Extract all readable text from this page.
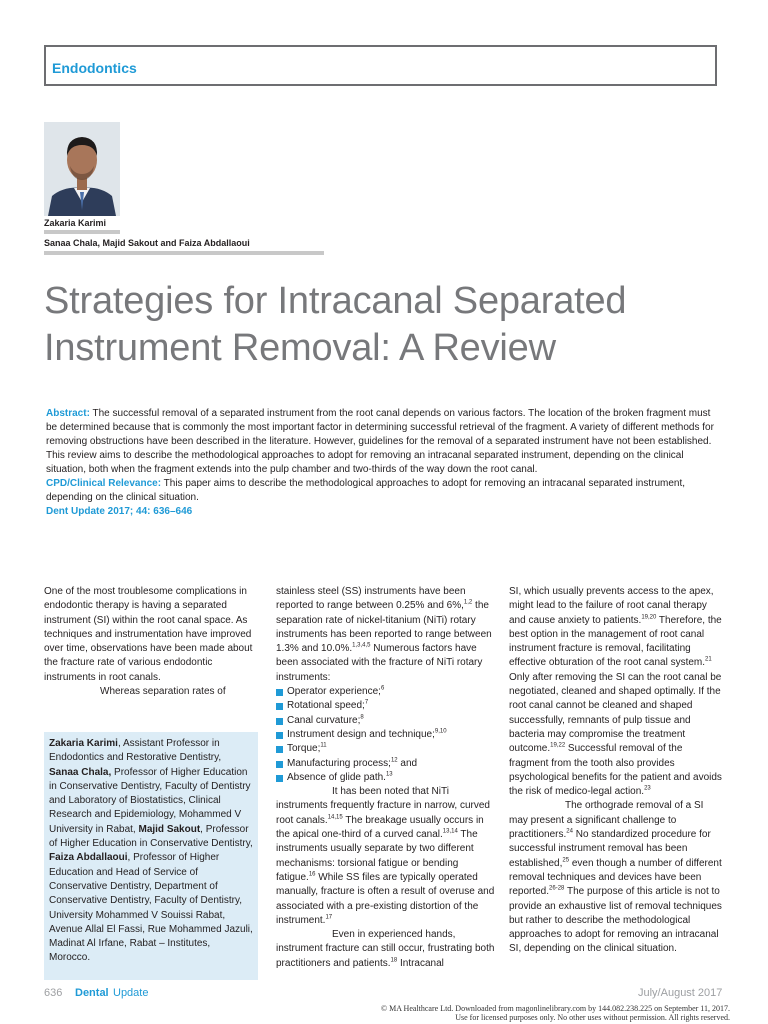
Endodontics
Zakaria Karimi
Sanaa Chala, Majid Sakout and Faiza Abdallaoui
Strategies for Intracanal Separated
Instrument Removal: A Review

Abstract: The successful removal of a separated instrument from the root canal depends on various factors. The location of the broken fragment must be determined because that is commonly the most important factor in determining successful retrieval of the fragment. A variety of different methods for removing obstructions have been described in the literature. However, guidelines for the removal of a separated instrument have not been established. This review aims to describe the methodological approaches to adopt for removing an intracanal separated instrument, depending on the clinical situation, both when the fragment extends into the pulp chamber and two-thirds of the way down the root canal.

CPD/Clinical Relevance: This paper aims to describe the methodological approaches to adopt for removing an intracanal separated instrument, depending on the clinical situation.

Dent Update 2017; 44: 636–646

One of the most troublesome complications in endodontic therapy is having a separated instrument (SI) within the root canal space. As techniques and instrumentation have improved over time, observations have been made about the fracture rate of various endodontic instruments in root canals.

Whereas separation rates of

Zakaria Karimi, Assistant Professor in Endodontics and Restorative Dentistry, Sanaa Chala, Professor of Higher Education in Conservative Dentistry, Faculty of Dentistry and Laboratory of Biostatistics, Clinical Research and Epidemiology, Mohammed V University in Rabat, Majid Sakout, Professor of Higher Education in Conservative Dentistry, Faiza Abdallaoui, Professor of Higher Education and Head of Service of Conservative Dentistry, Department of Conservative Dentistry, Faculty of Dentistry, University Mohammed V Souissi Rabat, Avenue Allal El Fassi, Rue Mohammed Jazuli, Madinat Al Irfane, Rabat – Institutes, Morocco.

stainless steel (SS) instruments have been reported to range between 0.25% and 6%,$^{1,2}$ the separation rate of nickel-titanium (NiTi) rotary instruments has been reported to range between 1.3% and 10.0%.$^{1,3,4,5}$ Numerous factors have been associated with the fracture of NiTi rotary instruments:

Operator experience;$^6$
Rotational speed;$^7$
Canal curvature;$^8$
Instrument design and technique;$^{9,10}$
Torque;$^{11}$
Manufacturing process;$^{12}$ and
Absence of glide path.$^{13}$

It has been noted that NiTi instruments frequently fracture in narrow, curved root canals.$^{14,15}$ The breakage usually occurs in the apical one-third of a curved canal.$^{13,14}$ The instruments usually separate by two different mechanisms: torsional fatigue or bending fatigue.$^{16}$ While SS files are typically operated manually, fracture is often a result of overuse and associated with a pre-existing distortion of the instrument.$^{17}$

Even in experienced hands, instrument fracture can still occur, frustrating both practitioners and patients.$^{18}$ Intracanal

SI, which usually prevents access to the apex, might lead to the failure of root canal therapy and cause anxiety to patients.$^{19,20}$ Therefore, the best option in the management of root canal instrument fracture is removal, facilitating effective obturation of the root canal system.$^{21}$ Only after removing the SI can the root canal be negotiated, cleaned and shaped optimally. If the root canal cannot be cleaned and shaped successfully, remnants of pulp tissue and bacteria may compromise the treatment outcome.$^{19,22}$ Successful removal of the fragment from the tooth also provides psychological benefits for the patient and avoids the risk of medico-legal action.$^{23}$

The orthograde removal of a SI may present a significant challenge to practitioners.$^{24}$ No standardized procedure for successful instrument removal has been established,$^{25}$ even though a number of different removal techniques and devices have been reported.$^{26-28}$ The purpose of this article is not to provide an exhaustive list of removal techniques but rather to describe the methodological approaches to adopt for removing an intracanal SI, depending on the clinical situation.

636 Dental Update	July/August 2017
© MA Healthcare Ltd. Downloaded from magonlinelibrary.com by 144.082.238.225 on September 11, 2017.
Use for licensed purposes only. No other uses without permission. All rights reserved.
